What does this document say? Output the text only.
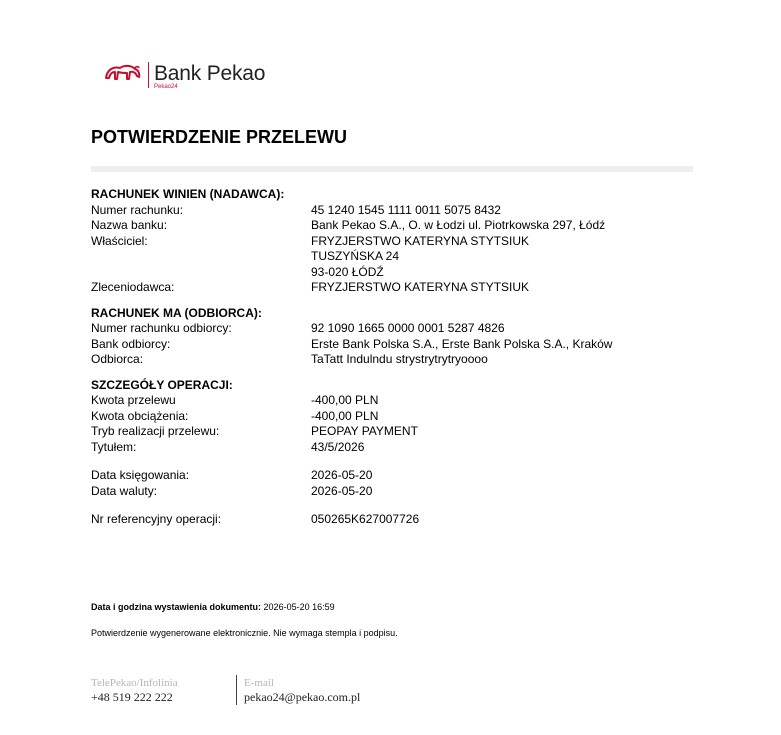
Bank Pekao
Pekao24
POTWIERDZENIE PRZELEWU
RACHUNEK WINIEN (NADAWCA):
Numer rachunku:	45 1240 1545 1111 0011 5075 8432
Nazwa banku:	Bank Pekao S.A., O. w Łodzi ul. Piotrkowska 297, Łódź
Właściciel:	FRYZJERSTWO KATERYNA STYTSIUK
TUSZYŃSKA 24
93-020 ŁÓDŹ
Zleceniodawca:	FRYZJERSTWO KATERYNA STYTSIUK
RACHUNEK MA (ODBIORCA):
Numer rachunku odbiorcy:	92 1090 1665 0000 0001 5287 4826
Bank odbiorcy:	Erste Bank Polska S.A., Erste Bank Polska S.A., Kraków
Odbiorca:	TaTatt Indulndu strystrytrytryoooo
SZCZEGÓŁY OPERACJI:
Kwota przelewu	-400,00 PLN
Kwota obciążenia:	-400,00 PLN
Tryb realizacji przelewu:	PEOPAY PAYMENT
Tytułem:	43/5/2026
Data księgowania:	2026-05-20
Data waluty:	2026-05-20
Nr referencyjny operacji:	050265K627007726
Data i godzina wystawienia dokumentu: 2026-05-20 16:59
Potwierdzenie wygenerowane elektronicznie. Nie wymaga stempla i podpisu.
TelePekao/Infolinia
+48 519 222 222
E-mail
pekao24@pekao.com.pl
